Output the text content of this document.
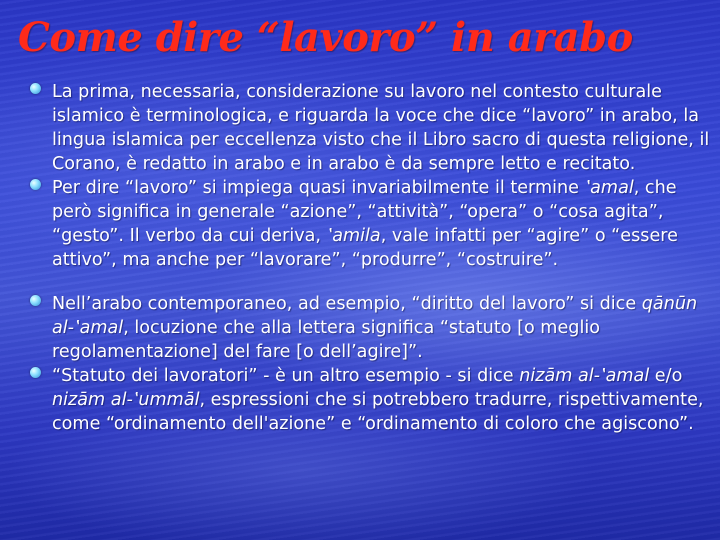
Come dire “lavoro” in arabo
La prima, necessaria, considerazione su lavoro nel contesto culturale islamico è terminologica, e riguarda la voce che dice “lavoro” in arabo, la lingua islamica per eccellenza visto che il Libro sacro di questa religione, il Corano, è redatto in arabo e in arabo è da sempre letto e recitato.
Per dire “lavoro” si impiega quasi invariabilmente il termine ‛amal, che però significa in generale “azione”, “attività”, “opera” o “cosa agita”, “gesto”. Il verbo da cui deriva, ‛amila, vale infatti per “agire” o “essere attivo”, ma anche per “lavorare”, “produrre”, “costruire”.
Nell’arabo contemporaneo, ad esempio, “diritto del lavoro” si dice qānūn al-‛amal, locuzione che alla lettera significa “statuto [o meglio regolamentazione] del fare [o dell’agire]”.
“Statuto dei lavoratori” - è un altro esempio - si dice nizām al-‛amal e/o nizām al-‛ummāl, espressioni che si potrebbero tradurre, rispettivamente, come “ordinamento dell'azione” e “ordinamento di coloro che agiscono”.
